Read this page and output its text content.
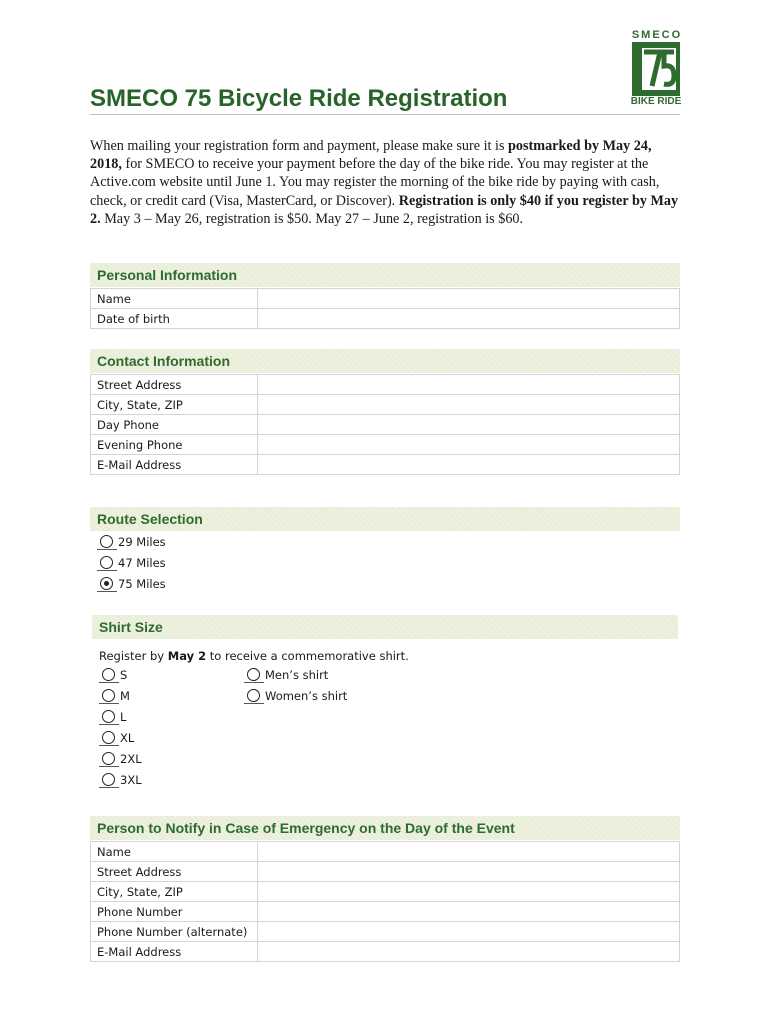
SMECO
BIKE RIDE
SMECO 75 Bicycle Ride Registration
When mailing your registration form and payment, please make sure it is postmarked by May 24, 2018, for SMECO to receive your payment before the day of the bike ride. You may register at the Active.com website until June 1. You may register the morning of the bike ride by paying with cash, check, or credit card (Visa, MasterCard, or Discover). Registration is only $40 if you register by May 2. May 3 – May 26, registration is $50. May 27 – June 2, registration is $60.
Personal Information
Name	
Date of birth	
Contact Information
Street Address	
City, State, ZIP	
Day Phone	
Evening Phone	
E-Mail Address	
Route Selection
29 Miles
47 Miles
75 Miles
Shirt Size
Register by May 2 to receive a commemorative shirt.
S
M
L
XL
2XL
3XL
Men’s shirt
Women’s shirt
Person to Notify in Case of Emergency on the Day of the Event
Name	
Street Address	
City, State, ZIP	
Phone Number	
Phone Number (alternate)	
E-Mail Address	
